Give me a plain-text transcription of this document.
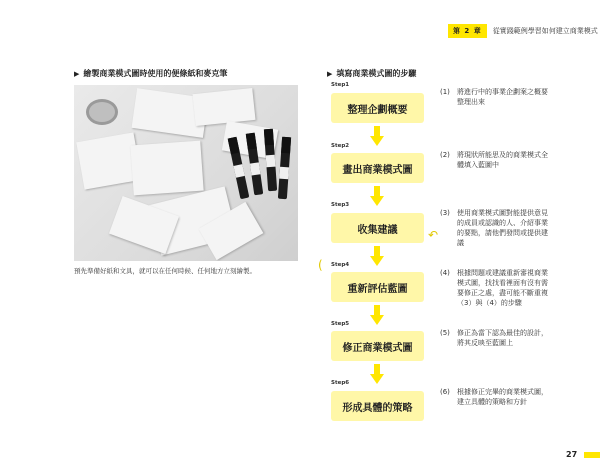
第 2 章	從實踐範例學習如何建立商業模式
▶ 繪製商業模式圖時使用的便條紙和麥克筆
預先準備好紙和文具，就可以在任何時候、任何地方立刻繪製。
▶ 填寫商業模式圖的步驟
Step1
整理企劃概要
Step2
畫出商業模式圖
Step3
收集建議
Step4
重新評估藍圖
Step5
修正商業模式圖
Step6
形成具體的策略
(
↶
(1) 將進行中的事業企劃案之概要整理出來
(2) 將現狀所能思及的商業模式全體填入藍圖中
(3) 使用商業模式圖對能提供意見的成員或認識的人、介紹事業的要點，請他們發問或提供建議
(4) 根據問題或建議重新審視商業模式圖，找找看裡面有沒有需要修正之處，盡可能不斷重複（3）與（4）的步驟
(5) 修正為當下認為最佳的設計，將其反映至藍圖上
(6) 根據修正完畢的商業模式圖，建立具體的策略和方針
27
